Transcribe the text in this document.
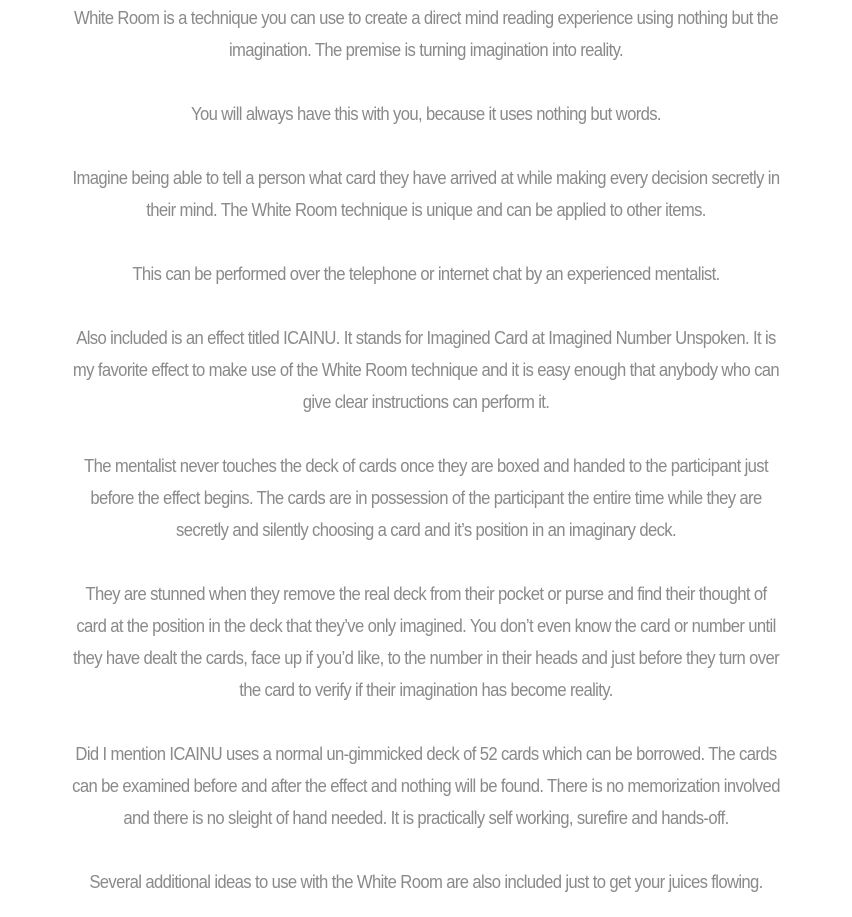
White Room is a technique you can use to create a direct mind reading experience using nothing but the imagination. The premise is turning imagination into reality.

You will always have this with you, because it uses nothing but words.

Imagine being able to tell a person what card they have arrived at while making every decision secretly in their mind. The White Room technique is unique and can be applied to other items.

This can be performed over the telephone or internet chat by an experienced mentalist.

Also included is an effect titled ICAINU. It stands for Imagined Card at Imagined Number Unspoken. It is my favorite effect to make use of the White Room technique and it is easy enough that anybody who can give clear instructions can perform it.

The mentalist never touches the deck of cards once they are boxed and handed to the participant just before the effect begins. The cards are in possession of the participant the entire time while they are secretly and silently choosing a card and it’s position in an imaginary deck.

They are stunned when they remove the real deck from their pocket or purse and find their thought of card at the position in the deck that they’ve only imagined. You don’t even know the card or number until they have dealt the cards, face up if you’d like, to the number in their heads and just before they turn over the card to verify if their imagination has become reality.

Did I mention ICAINU uses a normal un-gimmicked deck of 52 cards which can be borrowed. The cards can be examined before and after the effect and nothing will be found. There is no memorization involved and there is no sleight of hand needed. It is practically self working, surefire and hands-off.

Several additional ideas to use with the White Room are also included just to get your juices flowing.
